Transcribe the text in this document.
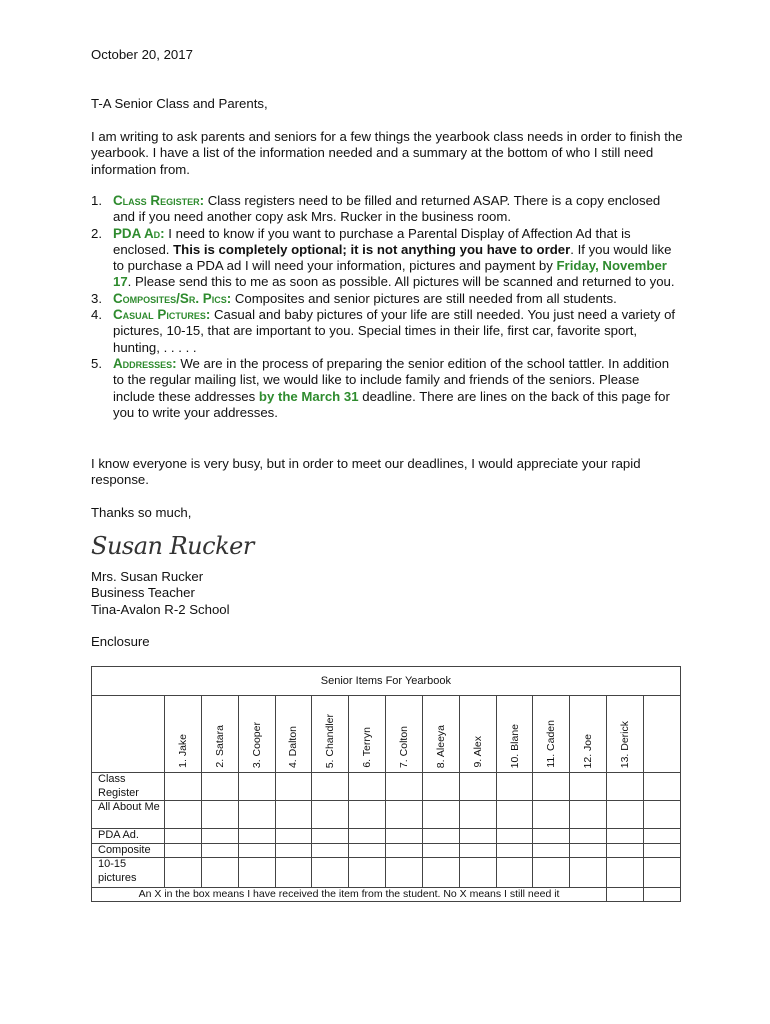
October 20, 2017

T-A Senior Class and Parents,

I am writing to ask parents and seniors for a few things the yearbook class needs in order to finish the yearbook. I have a list of the information needed and a summary at the bottom of who I still need information from.

1. Class Register: Class registers need to be filled and returned ASAP. There is a copy enclosed and if you need another copy ask Mrs. Rucker in the business room.
2. PDA Ad: I need to know if you want to purchase a Parental Display of Affection Ad that is enclosed. This is completely optional; it is not anything you have to order. If you would like to purchase a PDA ad I will need your information, pictures and payment by Friday, November 17. Please send this to me as soon as possible. All pictures will be scanned and returned to you.
3. Composites/Sr. Pics: Composites and senior pictures are still needed from all students.
4. Casual Pictures: Casual and baby pictures of your life are still needed. You just need a variety of pictures, 10-15, that are important to you. Special times in their life, first car, favorite sport, hunting, . . . . .
5. Addresses: We are in the process of preparing the senior edition of the school tattler. In addition to the regular mailing list, we would like to include family and friends of the seniors. Please include these addresses by the March 31 deadline. There are lines on the back of this page for you to write your addresses.

I know everyone is very busy, but in order to meet our deadlines, I would appreciate your rapid response.

Thanks so much,

Susan Rucker

Mrs. Susan Rucker

Business Teacher

Tina-Avalon R-2 School

Enclosure

Senior Items For Yearbook														

	1. Jake	2. Satara	3. Cooper	4. Dalton	5. Chandler	6. Terryn	7. Colton	8. Aleeya	9. Alex	10. Blane	11. Caden	12. Joe	13. Derick	

Class Register														
All About Me														
PDA Ad.														
Composite														
10-15 pictures														
An X in the box means I have received the item from the student. No X means I still need it														
